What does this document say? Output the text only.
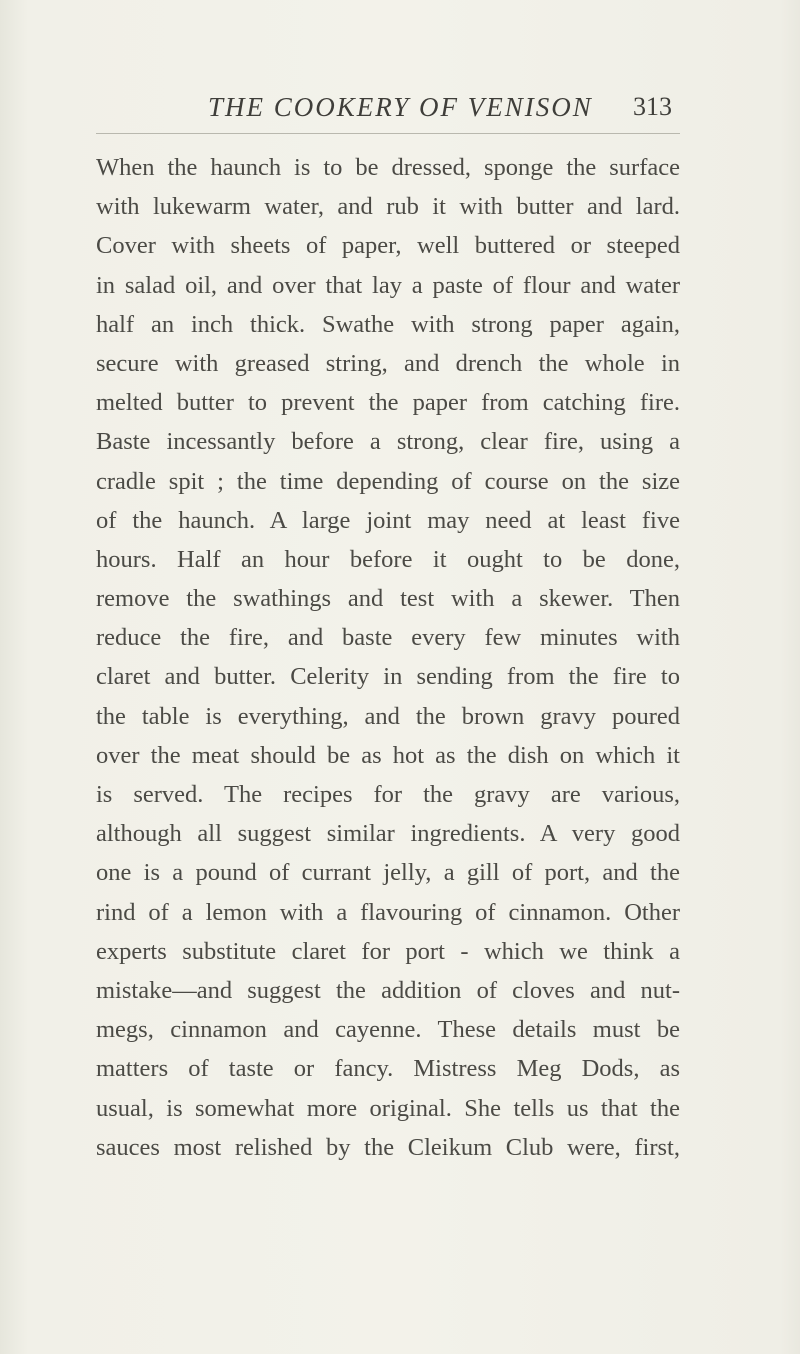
THE COOKERY OF VENISON 313
When the haunch is to be dressed, sponge the surface
with lukewarm water, and rub it with butter and lard.
Cover with sheets of paper, well buttered or steeped
in salad oil, and over that lay a paste of flour and water
half an inch thick. Swathe with strong paper again,
secure with greased string, and drench the whole in
melted butter to prevent the paper from catching fire.
Baste incessantly before a strong, clear fire, using a
cradle spit ; the time depending of course on the size
of the haunch. A large joint may need at least five
hours. Half an hour before it ought to be done,
remove the swathings and test with a skewer. Then
reduce the fire, and baste every few minutes with
claret and butter. Celerity in sending from the fire to
the table is everything, and the brown gravy poured
over the meat should be as hot as the dish on which it
is served. The recipes for the gravy are various,
although all suggest similar ingredients. A very good
one is a pound of currant jelly, a gill of port, and the
rind of a lemon with a flavouring of cinnamon. Other
experts substitute claret for port - which we think a
mistake—and suggest the addition of cloves and nut-
megs, cinnamon and cayenne. These details must be
matters of taste or fancy. Mistress Meg Dods, as
usual, is somewhat more original. She tells us that the
sauces most relished by the Cleikum Club were, first,
